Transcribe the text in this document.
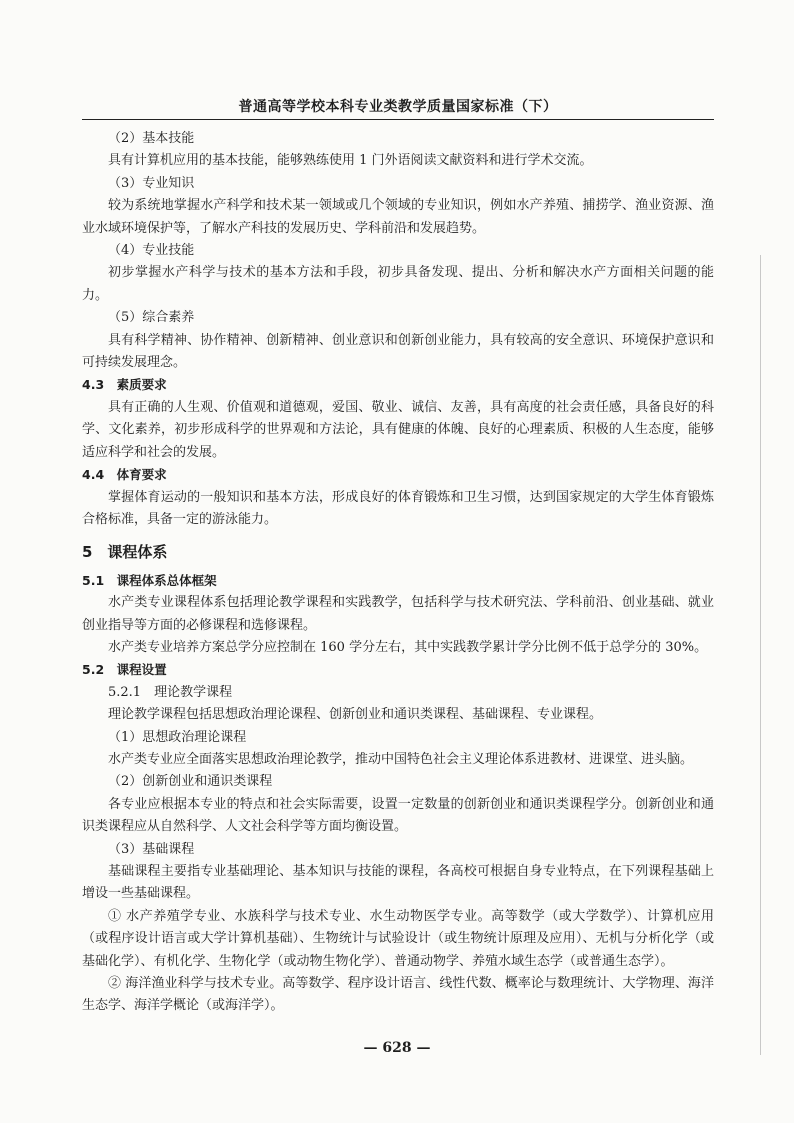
普通高等学校本科专业类教学质量国家标准（下）

（2）基本技能

具有计算机应用的基本技能，能够熟练使用 1 门外语阅读文献资料和进行学术交流。

（3）专业知识

较为系统地掌握水产科学和技术某一领域或几个领域的专业知识，例如水产养殖、捕捞学、渔业资源、渔业水域环境保护等，了解水产科技的发展历史、学科前沿和发展趋势。

（4）专业技能

初步掌握水产科学与技术的基本方法和手段，初步具备发现、提出、分析和解决水产方面相关问题的能力。

（5）综合素养

具有科学精神、协作精神、创新精神、创业意识和创新创业能力，具有较高的安全意识、环境保护意识和可持续发展理念。

4.3　素质要求

具有正确的人生观、价值观和道德观，爱国、敬业、诚信、友善，具有高度的社会责任感，具备良好的科学、文化素养，初步形成科学的世界观和方法论，具有健康的体魄、良好的心理素质、积极的人生态度，能够适应科学和社会的发展。

4.4　体育要求

掌握体育运动的一般知识和基本方法，形成良好的体育锻炼和卫生习惯，达到国家规定的大学生体育锻炼合格标准，具备一定的游泳能力。

5　课程体系

5.1　课程体系总体框架

水产类专业课程体系包括理论教学课程和实践教学，包括科学与技术研究法、学科前沿、创业基础、就业创业指导等方面的必修课程和选修课程。

水产类专业培养方案总学分应控制在 160 学分左右，其中实践教学累计学分比例不低于总学分的 30%。

5.2　课程设置

5.2.1　理论教学课程

理论教学课程包括思想政治理论课程、创新创业和通识类课程、基础课程、专业课程。

（1）思想政治理论课程

水产类专业应全面落实思想政治理论教学，推动中国特色社会主义理论体系进教材、进课堂、进头脑。

（2）创新创业和通识类课程

各专业应根据本专业的特点和社会实际需要，设置一定数量的创新创业和通识类课程学分。创新创业和通识类课程应从自然科学、人文社会科学等方面均衡设置。

（3）基础课程

基础课程主要指专业基础理论、基本知识与技能的课程，各高校可根据自身专业特点，在下列课程基础上增设一些基础课程。

① 水产养殖学专业、水族科学与技术专业、水生动物医学专业。高等数学（或大学数学）、计算机应用（或程序设计语言或大学计算机基础）、生物统计与试验设计（或生物统计原理及应用）、无机与分析化学（或基础化学）、有机化学、生物化学（或动物生物化学）、普通动物学、养殖水域生态学（或普通生态学）。

② 海洋渔业科学与技术专业。高等数学、程序设计语言、线性代数、概率论与数理统计、大学物理、海洋生态学、海洋学概论（或海洋学）。

— 628 —
